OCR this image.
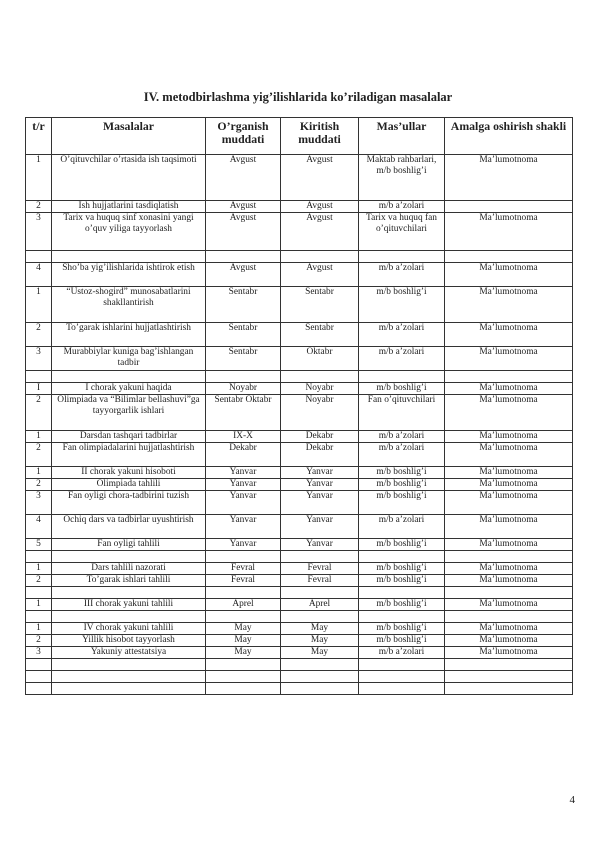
IV. metodbirlashma yig’ilishlarida ko’riladigan masalalar
t/r	Masalalar	O’rganish muddati	Kiritish muddati	Mas’ullar	Amalga oshirish shakli
1	O’qituvchilar o’rtasida ish taqsimoti	Avgust	Avgust	Maktab rahbarlari, m/b boshlig’i	Ma’lumotnoma
2	Ish hujjatlarini tasdiqlatish	Avgust	Avgust	m/b a’zolari	
3	Tarix va huquq sinf xonasini yangi o’quv yiliga tayyorlash	Avgust	Avgust	Tarix va huquq fan o’qituvchilari	Ma’lumotnoma

4	Sho’ba yig’ilishlarida ishtirok etish	Avgust	Avgust	m/b a’zolari	Ma’lumotnoma
1	“Ustoz-shogird” munosabatlarini shakllantirish	Sentabr	Sentabr	m/b boshlig’i	Ma’lumotnoma
2	To’garak ishlarini hujjatlashtirish	Sentabr	Sentabr	m/b a’zolari	Ma’lumotnoma
3	Murabbiylar kuniga bag’ishlangan tadbir	Sentabr	Oktabr	m/b a’zolari	Ma’lumotnoma

I	I chorak yakuni haqida	Noyabr	Noyabr	m/b boshlig’i	Ma’lumotnoma
2	Olimpiada va “Bilimlar bellashuvi”ga tayyorgarlik ishlari	Sentabr Oktabr	Noyabr	Fan o’qituvchilari	Ma’lumotnoma
1	Darsdan tashqari tadbirlar	IX-X	Dekabr	m/b a’zolari	Ma’lumotnoma
2	Fan olimpiadalarini hujjatlashtirish	Dekabr	Dekabr	m/b a’zolari	Ma’lumotnoma
1	II chorak yakuni hisoboti	Yanvar	Yanvar	m/b boshlig’i	Ma’lumotnoma
2	Olimpiada tahlili	Yanvar	Yanvar	m/b boshlig’i	Ma’lumotnoma
3	Fan oyligi chora-tadbirini tuzish	Yanvar	Yanvar	m/b boshlig’i	Ma’lumotnoma
4	Ochiq dars va tadbirlar uyushtirish	Yanvar	Yanvar	m/b a’zolari	Ma’lumotnoma
5	Fan oyligi tahlili	Yanvar	Yanvar	m/b boshlig’i	Ma’lumotnoma

1	Dars tahlili nazorati	Fevral	Fevral	m/b boshlig’i	Ma’lumotnoma
2	To’garak ishlari tahlili	Fevral	Fevral	m/b boshlig’i	Ma’lumotnoma

1	III chorak yakuni tahlili	Aprel	Aprel	m/b boshlig’i	Ma’lumotnoma

1	IV chorak yakuni tahlili	May	May	m/b boshlig’i	Ma’lumotnoma
2	Yillik hisobot tayyorlash	May	May	m/b boshlig’i	Ma’lumotnoma
3	Yakuniy attestatsiya	May	May	m/b a’zolari	Ma’lumotnoma

4
